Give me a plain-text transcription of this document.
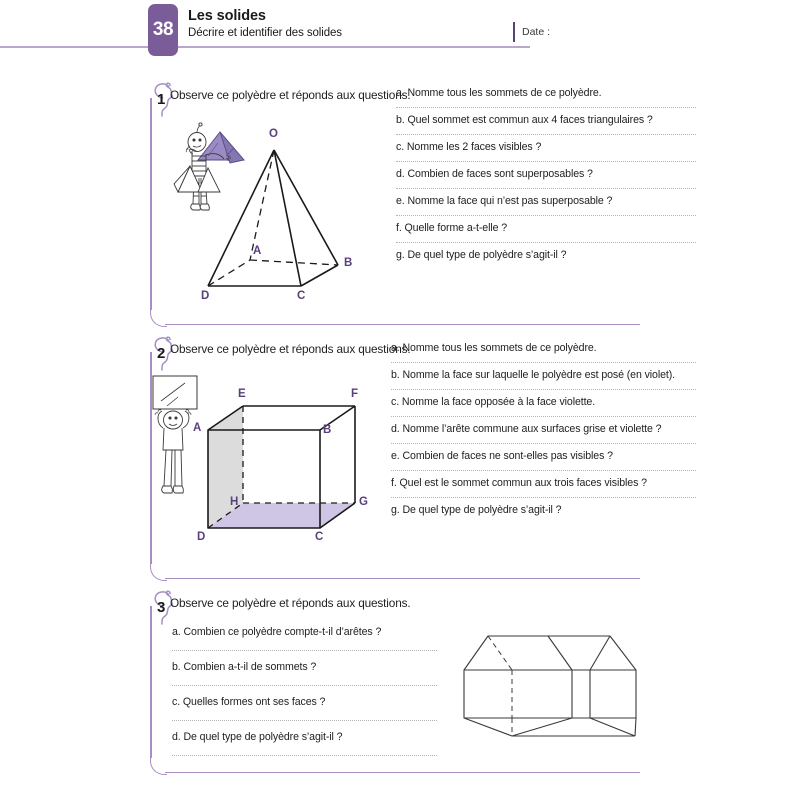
38
Les solides
Décrire et identifier des solides	Date :
1 Observe ce polyèdre et réponds aux questions.
a. Nomme tous les sommets de ce polyèdre.
b. Quel sommet est commun aux 4 faces triangulaires ?
c. Nomme les 2 faces visibles ?
d. Combien de faces sont superposables ?
e. Nomme la face qui n’est pas superposable ?
f. Quelle forme a-t-elle ?
g. De quel type de polyèdre s’agit-il ?
O
A
B
C
D
2 Observe ce polyèdre et réponds aux questions.
a. Nomme tous les sommets de ce polyèdre.
b. Nomme la face sur laquelle le polyèdre est posé (en violet).
c. Nomme la face opposée à la face violette.
d. Nomme l’arête commune aux surfaces grise et violette ?
e. Combien de faces ne sont-elles pas visibles ?
f. Quel est le sommet commun aux trois faces visibles ?
g. De quel type de polyèdre s’agit-il ?
A	B
C
D
E	F
G
H
3 Observe ce polyèdre et réponds aux questions.
a. Combien ce polyèdre compte-t-il d’arêtes ?
b. Combien a-t-il de sommets ?
c. Quelles formes ont ses faces ?
d. De quel type de polyèdre s’agit-il ?
